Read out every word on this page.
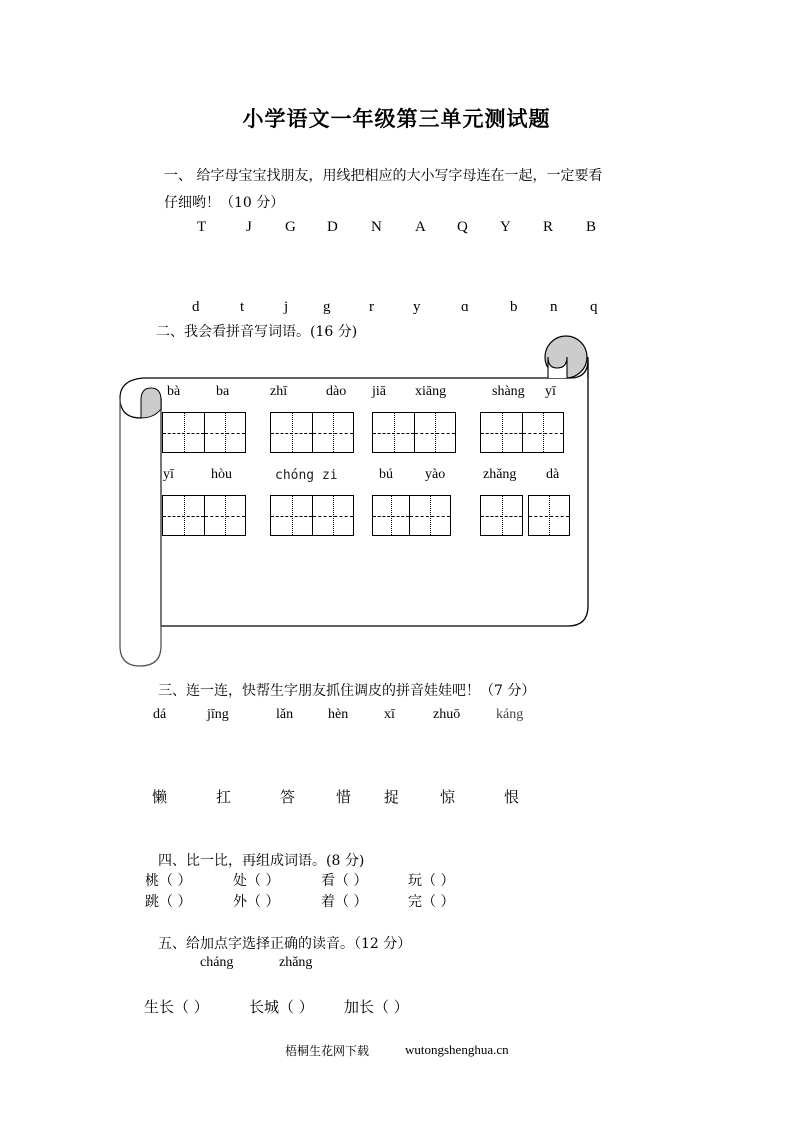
小学语文一年级第三单元测试题
一、 给字母宝宝找朋友，用线把相应的大小写字母连在一起，一定要看
仔细哟！（10 分）
T	J G D N A Q Y R B
d	t	j g	r	y	ɑ	b n q
二、我会看拼音写词语。(16 分)
bà	ba	zhī	dào jiā xiāng	shàng yī
yī	hòu	chóng zi	bú yào	zhǎng dà
三、连一连，快帮生字朋友抓住调皮的拼音娃娃吧！（7 分）
dá	jīng	lǎn hèn	xī	zhuō	káng
懒	扛	答	惜 捉	惊	恨
四、比一比，再组成词语。(8 分)
桃（ ）	处（ ）	看（ ）	玩（ ）
跳（ ）	外（ ）	着（ ）	完（ ）
五、给加点字选择正确的读音。（12 分）
cháng	zhǎng
生长（ ）	长城（ ） 加长（ ）
梧桐生花网下载	wutongshenghua.cn
